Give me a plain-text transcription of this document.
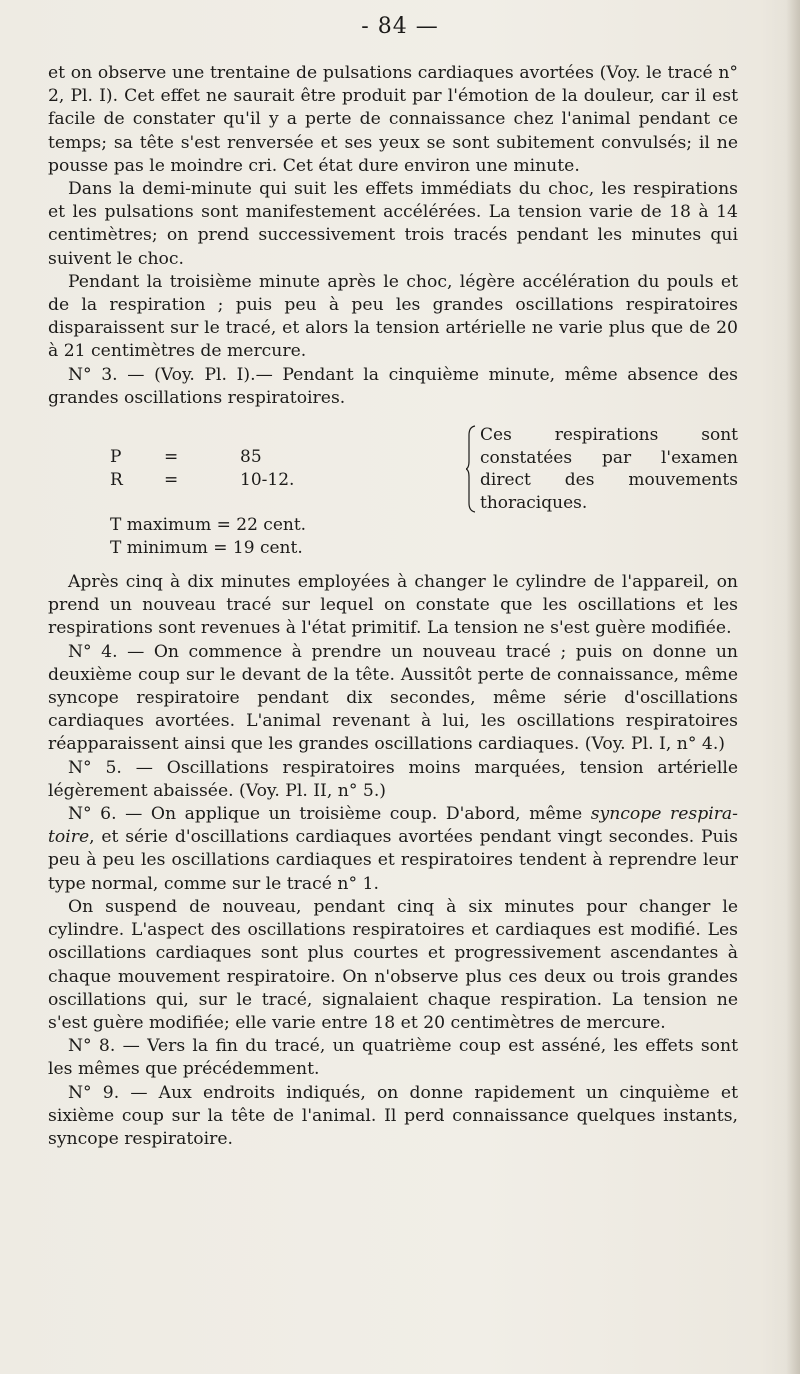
- 84 —

et on observe une trentaine de pulsations cardiaques avortées (Voy. le tracé n° 2, Pl. I). Cet effet ne saurait être produit par l'émotion de la douleur, car il est facile de constater qu'il y a perte de connaissance chez l'animal pendant ce temps; sa tête s'est renversée et ses yeux se sont subitement convulsés; il ne pousse pas le moindre cri. Cet état dure environ une minute.

Dans la demi-minute qui suit les effets immédiats du choc, les respirations et les pulsations sont manifestement accélérées. La tension varie de 18 à 14 centimètres; on prend successivement trois tracés pendant les minutes qui suivent le choc.

Pendant la troisième minute après le choc, légère accélération du pouls et de la respiration ; puis peu à peu les grandes oscillations respiratoires disparaissent sur le tracé, et alors la tension artérielle ne varie plus que de 20 à 21 centimètres de mercure.

N° 3. — (Voy. Pl. I).— Pendant la cinquième minute, même absence des grandes oscillations respiratoires.

P	=	85
R =	10-12.
Ces respirations sont
constatées par l'examen
direct des mouvements
thoraciques.
T maximum = 22 cent.
T minimum = 19 cent.

Après cinq à dix minutes employées à changer le cylindre de l'appareil, on prend un nouveau tracé sur lequel on constate que les oscillations et les respirations sont revenues à l'état primitif. La tension ne s'est guère modifiée.

N° 4. — On commence à prendre un nouveau tracé ; puis on donne un deuxième coup sur le devant de la tête. Aussitôt perte de connaissance, même syncope respiratoire pendant dix secondes, même série d'oscillations cardiaques avortées. L'animal revenant à lui, les oscillations respiratoires réapparaissent ainsi que les grandes oscillations cardiaques. (Voy. Pl. I, n° 4.)

N° 5. — Oscillations respiratoires moins marquées, tension artérielle légèrement abaissée. (Voy. Pl. II, n° 5.)

N° 6. — On applique un troisième coup. D'abord, même syncope respira-toire, et série d'oscillations cardiaques avortées pendant vingt secondes. Puis peu à peu les oscillations cardiaques et respiratoires tendent à reprendre leur type normal, comme sur le tracé n° 1.

On suspend de nouveau, pendant cinq à six minutes pour changer le cylindre. L'aspect des oscillations respiratoires et cardiaques est modifié. Les oscillations cardiaques sont plus courtes et progressivement ascendantes à chaque mouvement respiratoire. On n'observe plus ces deux ou trois grandes oscillations qui, sur le tracé, signalaient chaque respiration. La tension ne s'est guère modifiée; elle varie entre 18 et 20 centimètres de mercure.

N° 8. — Vers la fin du tracé, un quatrième coup est asséné, les effets sont les mêmes que précédemment.

N° 9. — Aux endroits indiqués, on donne rapidement un cinquième et sixième coup sur la tête de l'animal. Il perd connaissance quelques instants, syncope respiratoire.
